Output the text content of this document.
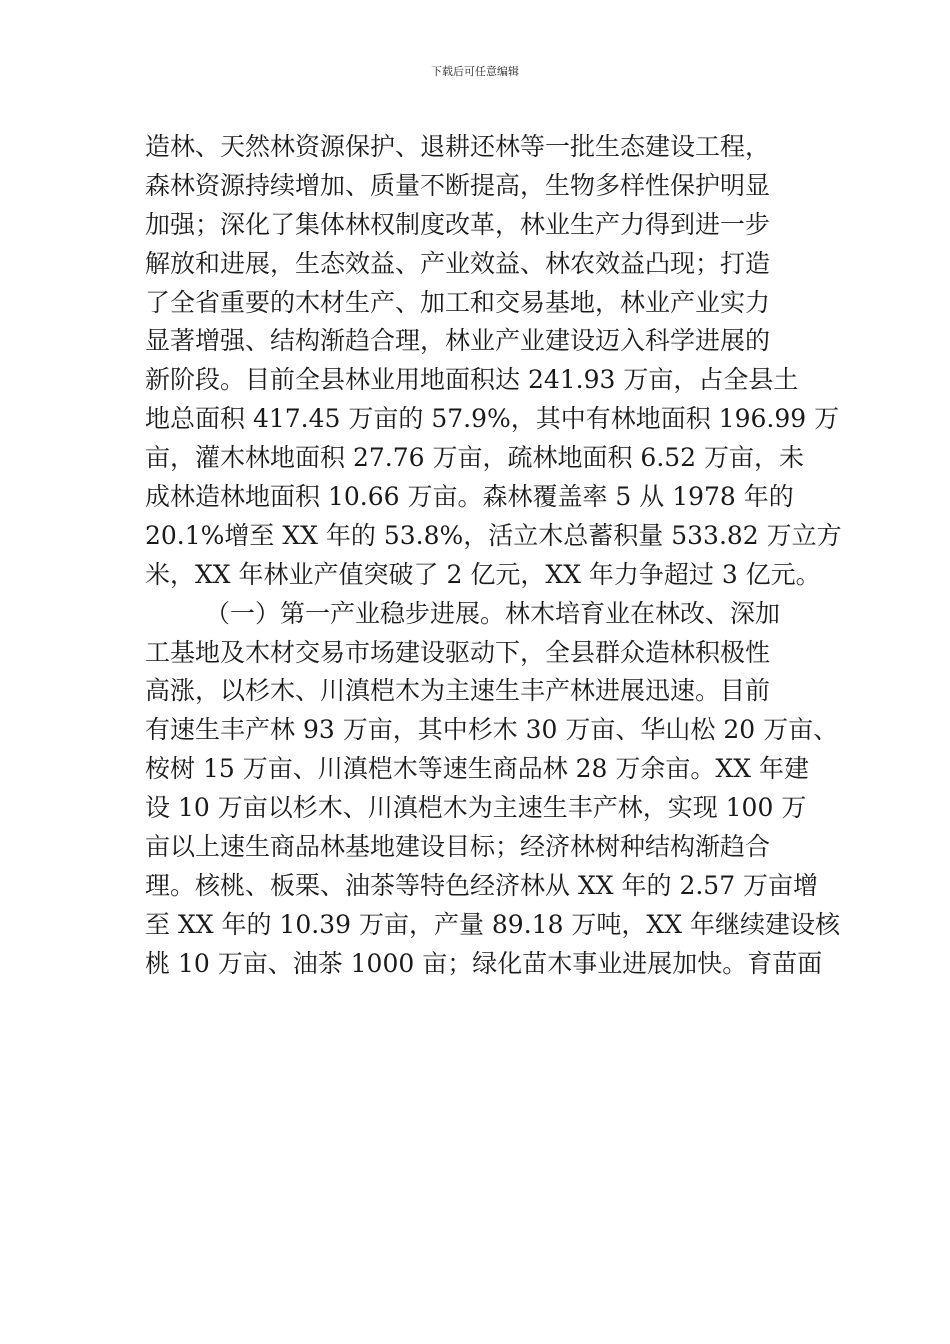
下载后可任意编辑
造林、天然林资源保护、退耕还林等一批生态建设工程，
森林资源持续增加、质量不断提高，生物多样性保护明显
加强；深化了集体林权制度改革，林业生产力得到进一步
解放和进展，生态效益、产业效益、林农效益凸现；打造
了全省重要的木材生产、加工和交易基地，林业产业实力
显著增强、结构渐趋合理，林业产业建设迈入科学进展的
新阶段。目前全县林业用地面积达 241.93 万亩，占全县土
地总面积 417.45 万亩的 57.9%，其中有林地面积 196.99 万
亩，灌木林地面积 27.76 万亩，疏林地面积 6.52 万亩，未
成林造林地面积 10.66 万亩。森林覆盖率 5 从 1978 年的
20.1%增至 XX 年的 53.8%，活立木总蓄积量 533.82 万立方
米，XX 年林业产值突破了 2 亿元，XX 年力争超过 3 亿元。
（一）第一产业稳步进展。林木培育业在林改、深加
工基地及木材交易市场建设驱动下，全县群众造林积极性
高涨，以杉木、川滇桤木为主速生丰产林进展迅速。目前
有速生丰产林 93 万亩，其中杉木 30 万亩、华山松 20 万亩、
桉树 15 万亩、川滇桤木等速生商品林 28 万余亩。XX 年建
设 10 万亩以杉木、川滇桤木为主速生丰产林，实现 100 万
亩以上速生商品林基地建设目标；经济林树种结构渐趋合
理。核桃、板栗、油茶等特色经济林从 XX 年的 2.57 万亩增
至 XX 年的 10.39 万亩，产量 89.18 万吨，XX 年继续建设核
桃 10 万亩、油茶 1000 亩；绿化苗木事业进展加快。育苗面
